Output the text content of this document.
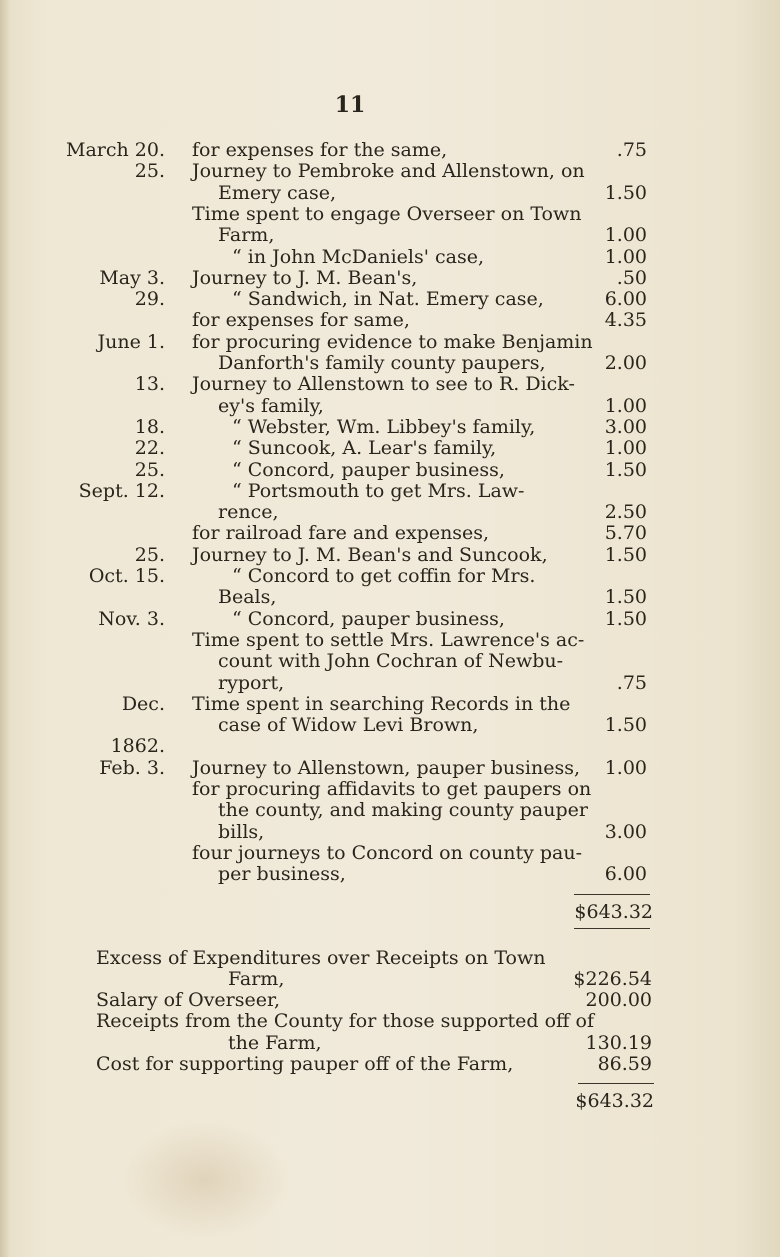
11
March 20. for expenses for the same,	.75
25. Journey to Pembroke and Allenstown, on
Emery case,	1.50
Time spent to engage Overseer on Town
Farm,	1.00
“ in John McDaniels' case,	1.00
May 3. Journey to J. M. Bean's,	.50
29.	“ Sandwich, in Nat. Emery case,	6.00
for expenses for same,	4.35
June 1. for procuring evidence to make Benjamin
Danforth's family county paupers,	2.00
13. Journey to Allenstown to see to R. Dick-
ey's family,	1.00
18.	“ Webster, Wm. Libbey's family,	3.00
22.	“ Suncook, A. Lear's family,	1.00
25.	“ Concord, pauper business,	1.50
Sept. 12.	“ Portsmouth to get Mrs. Law-
rence,	2.50
for railroad fare and expenses,	5.70
25. Journey to J. M. Bean's and Suncook,	1.50
Oct. 15.	“ Concord to get coffin for Mrs.
Beals,	1.50
Nov. 3.	“ Concord, pauper business,	1.50
Time spent to settle Mrs. Lawrence's ac-
count with John Cochran of Newbu-
ryport,	.75
Dec. Time spent in searching Records in the
case of Widow Levi Brown,	1.50
1862.
Feb. 3. Journey to Allenstown, pauper business, 1.00
for procuring affidavits to get paupers on
the county, and making county pauper
bills,	3.00
four journeys to Concord on county pau-
per business,	6.00
$643.32
Excess of Expenditures over Receipts on Town
Farm,	$226.54
Salary of Overseer,	200.00
Receipts from the County for those supported off of
the Farm,	130.19
Cost for supporting pauper off of the Farm,	86.59
$643.32
